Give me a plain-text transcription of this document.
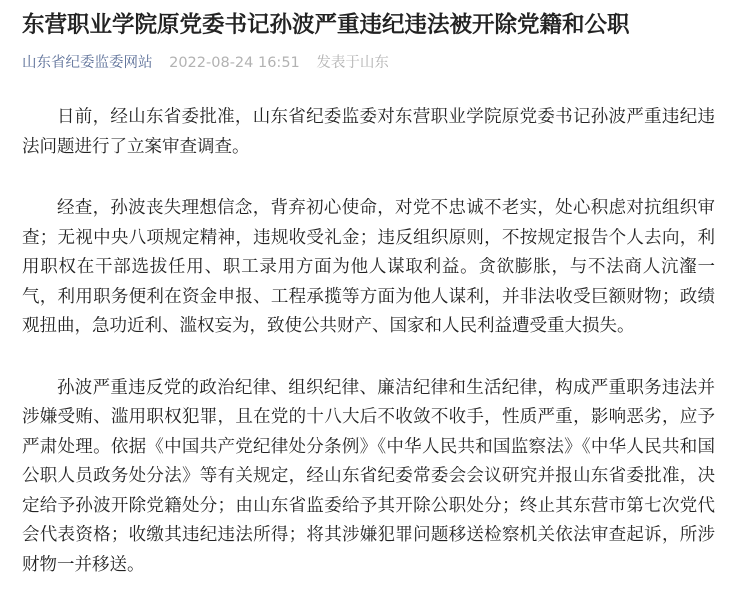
东营职业学院原党委书记孙波严重违纪违法被开除党籍和公职
山东省纪委监委网站 2022-08-24 16:51 发表于山东

日前，经山东省委批准，山东省纪委监委对东营职业学院原党委书记孙波严重违纪违法问题进行了立案审查调查。

经查，孙波丧失理想信念，背弃初心使命，对党不忠诚不老实，处心积虑对抗组织审查；无视中央八项规定精神，违规收受礼金；违反组织原则，不按规定报告个人去向，利用职权在干部选拔任用、职工录用方面为他人谋取利益。贪欲膨胀，与不法商人沆瀣一气，利用职务便利在资金申报、工程承揽等方面为他人谋利，并非法收受巨额财物；政绩观扭曲，急功近利、滥权妄为，致使公共财产、国家和人民利益遭受重大损失。

孙波严重违反党的政治纪律、组织纪律、廉洁纪律和生活纪律，构成严重职务违法并涉嫌受贿、滥用职权犯罪，且在党的十八大后不收敛不收手，性质严重，影响恶劣，应予严肃处理。依据《中国共产党纪律处分条例》《中华人民共和国监察法》《中华人民共和国公职人员政务处分法》等有关规定，经山东省纪委常委会会议研究并报山东省委批准，决定给予孙波开除党籍处分；由山东省监委给予其开除公职处分；终止其东营市第七次党代会代表资格；收缴其违纪违法所得；将其涉嫌犯罪问题移送检察机关依法审查起诉，所涉财物一并移送。
